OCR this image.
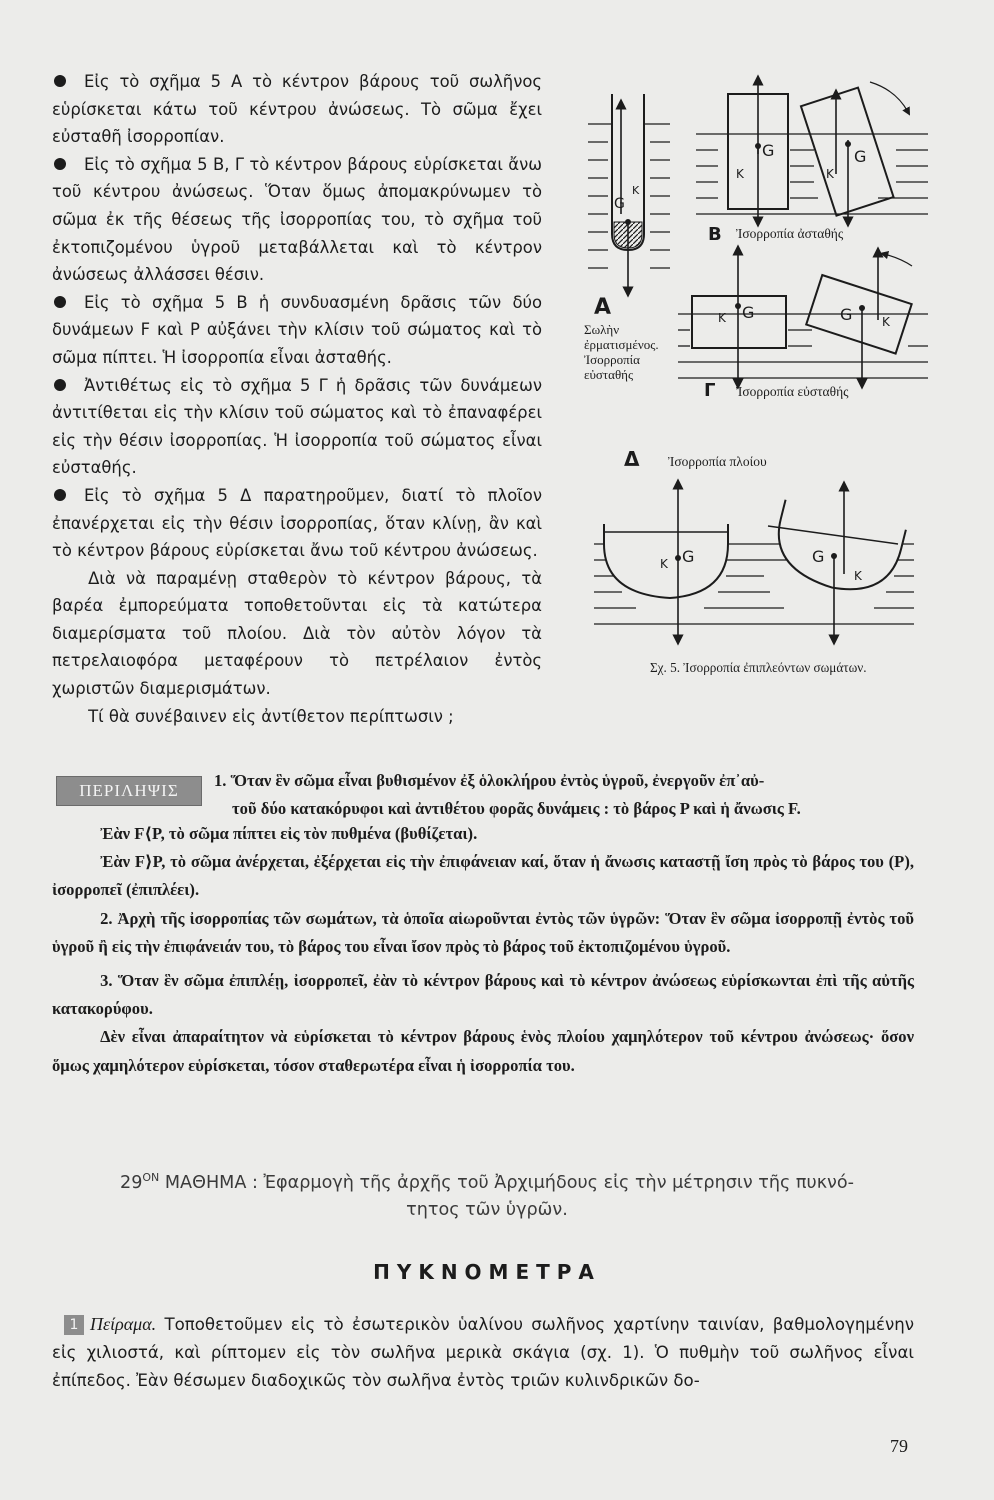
Εἰς τὸ σχῆμα 5 Α τὸ κέντρον βάρους τοῦ σωλῆνος εὑρίσκεται κάτω τοῦ κέντρου ἀνώσεως. Τὸ σῶμα ἔχει εὐσταθῆ ἰσορροπίαν.

Εἰς τὸ σχῆμα 5 Β, Γ τὸ κέντρον βάρους εὑρίσκεται ἄνω τοῦ κέντρου ἀνώσεως. Ὅταν ὅμως ἀπομακρύνωμεν τὸ σῶμα ἐκ τῆς θέσεως τῆς ἰσορροπίας του, τὸ σχῆμα τοῦ ἐκτοπιζομένου ὑγροῦ μεταβάλλεται καὶ τὸ κέντρον ἀνώσεως ἀλλάσσει θέσιν.

Εἰς τὸ σχῆμα 5 Β ἡ συνδυασμένη δρᾶσις τῶν δύο δυνάμεων F καὶ P αὐξάνει τὴν κλίσιν τοῦ σώματος καὶ τὸ σῶμα πίπτει. Ἡ ἰσορροπία εἶναι ἀσταθής.

Ἀντιθέτως εἰς τὸ σχῆμα 5 Γ ἡ δρᾶσις τῶν δυνάμεων ἀντιτίθεται εἰς τὴν κλίσιν τοῦ σώματος καὶ τὸ ἐπαναφέρει εἰς τὴν θέσιν ἰσορροπίας. Ἡ ἰσορροπία τοῦ σώματος εἶναι εὐσταθής.

Εἰς τὸ σχῆμα 5 Δ παρατηροῦμεν, διατί τὸ πλοῖον ἐπανέρχεται εἰς τὴν θέσιν ἰσορροπίας, ὅταν κλίνῃ, ἂν καὶ τὸ κέντρον βάρους εὑρίσκεται ἄνω τοῦ κέντρου ἀνώσεως.

Διὰ νὰ παραμένῃ σταθερὸν τὸ κέντρον βάρους, τὰ βαρέα ἐμπορεύματα τοποθετοῦνται εἰς τὰ κατώτερα διαμερίσματα τοῦ πλοίου. Διὰ τὸν αὐτὸν λόγον τὰ πετρελαιοφόρα μεταφέρουν τὸ πετρέλαιον ἐντὸς χωριστῶν διαμερισμάτων.

Τί θὰ συνέβαινεν εἰς ἀντίθετον περίπτωσιν ;

G
K
Α
Σωλὴν
ἐρματισμένος.
Ἰσορροπία
εὐσταθής
G
K
G
K
Β Ἰσορροπία ἀσταθής
G
K	G K
Γ Ἰσορροπία εὐσταθής
Δ Ἰσορροπία πλοίου
G
K	G
K
Σχ. 5. Ἰσορροπία ἐπιπλεόντων σωμάτων.
ΠΕΡΙΛΗΨΙΣ

1. Ὅταν ἓν σῶμα εἶναι βυθισμένον ἐξ ὁλοκλήρου ἐντὸς ὑγροῦ, ἐνεργοῦν ἐπ᾽αὐ-

τοῦ δύο κατακόρυφοι καὶ ἀντιθέτου φορᾶς δυνάμεις : τὸ βάρος Ρ καὶ ἡ ἄνωσις F.

Ἐὰν F⟨P, τὸ σῶμα πίπτει εἰς τὸν πυθμένα (βυθίζεται).

Ἐὰν F⟩P, τὸ σῶμα ἀνέρχεται, ἐξέρχεται εἰς τὴν ἐπιφάνειαν καί, ὅταν ἡ ἄνωσις καταστῇ ἴση πρὸς τὸ βάρος του (Ρ), ἰσορροπεῖ (ἐπιπλέει).

2. Ἀρχὴ τῆς ἰσορροπίας τῶν σωμάτων, τὰ ὁποῖα αἰωροῦνται ἐντὸς τῶν ὑγρῶν: Ὅταν ἓν σῶμα ἰσορροπῇ ἐντὸς τοῦ ὑγροῦ ἢ εἰς τὴν ἐπιφάνειάν του, τὸ βάρος του εἶναι ἴσον πρὸς τὸ βάρος τοῦ ἐκτοπιζομένου ὑγροῦ.

3. Ὅταν ἓν σῶμα ἐπιπλέῃ, ἰσορροπεῖ, ἐὰν τὸ κέντρον βάρους καὶ τὸ κέντρον ἀνώσεως εὑρίσκωνται ἐπὶ τῆς αὐτῆς κατακορύφου.

Δὲν εἶναι ἀπαραίτητον νὰ εὑρίσκεται τὸ κέντρον βάρους ἑνὸς πλοίου χαμηλότερον τοῦ κέντρου ἀνώσεως· ὅσον ὅμως χαμηλότερον εὑρίσκεται, τόσον σταθερωτέρα εἶναι ἡ ἰσορροπία του.

$29^{ON}$ ΜΑΘΗΜΑ : Ἐφαρμογὴ τῆς ἀρχῆς τοῦ Ἀρχιμήδους εἰς τὴν μέτρησιν τῆς πυκνό-
τητος τῶν ὑγρῶν.
ΠΥΚΝΟΜΕΤΡΑ

1 Πείραμα. Τοποθετοῦμεν εἰς τὸ ἐσωτερικὸν ὑαλίνου σωλῆνος χαρτίνην ταινίαν, βαθμολογημένην εἰς χιλιοστά, καὶ ρίπτομεν εἰς τὸν σωλῆνα μερικὰ σκάγια (σχ. 1). Ὁ πυθμὴν τοῦ σωλῆνος εἶναι ἐπίπεδος. Ἐὰν θέσωμεν διαδοχικῶς τὸν σωλῆνα ἐντὸς τριῶν κυλινδρικῶν δο-

79
